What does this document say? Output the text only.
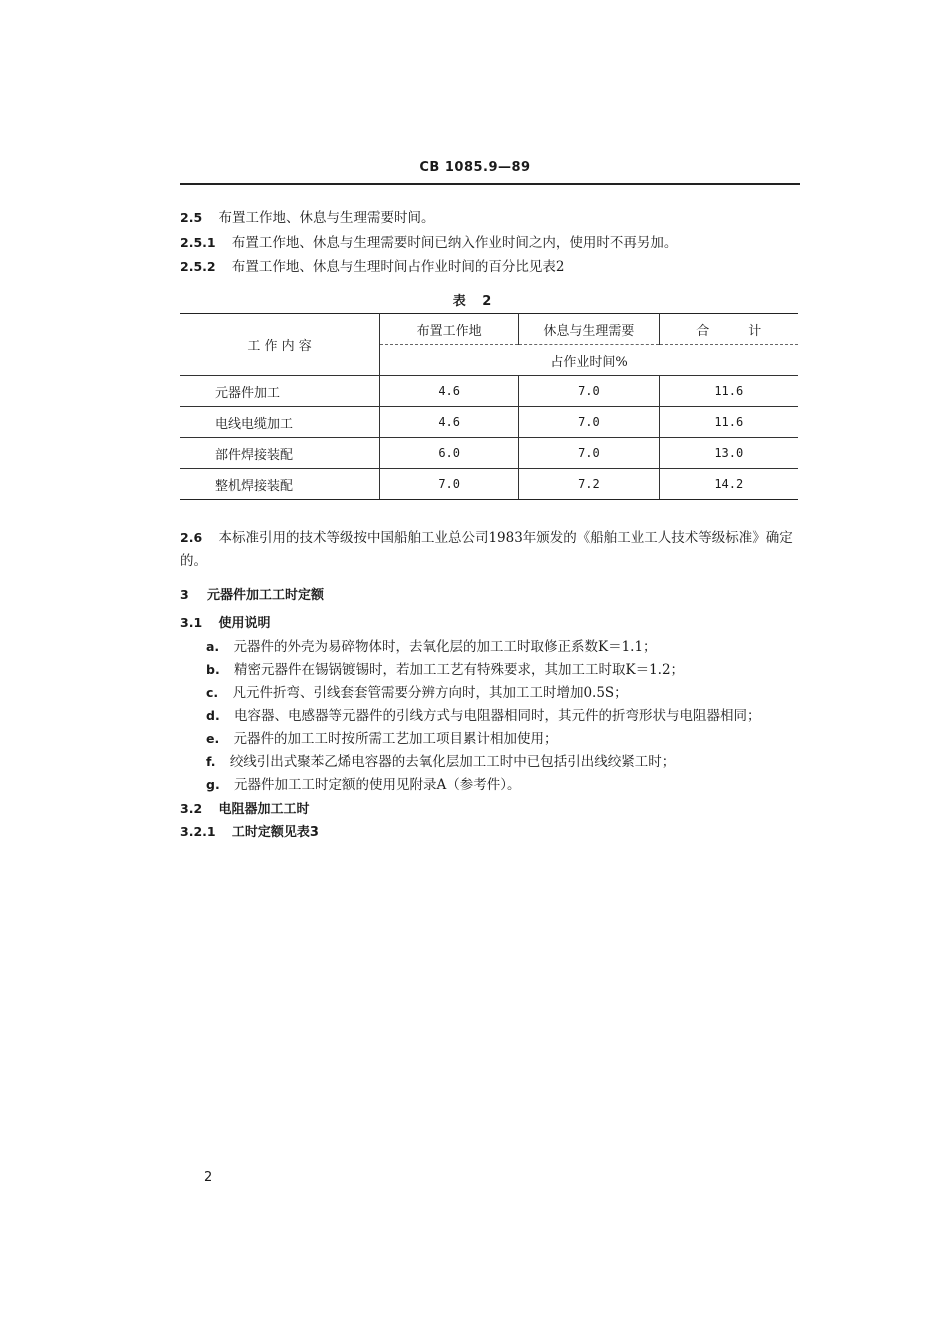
CB 1085.9—89
2.5 布置工作地、休息与生理需要时间。
2.5.1 布置工作地、休息与生理需要时间已纳入作业时间之内，使用时不再另加。
2.5.2 布置工作地、休息与生理时间占作业时间的百分比见表2
表 2
工 作 内 容	布置工作地	休息与生理需要	合　　　计
	占作业时间%		
元器件加工	4.6	7.0	11.6
电线电缆加工	4.6	7.0	11.6
部件焊接装配	6.0	7.0	13.0
整机焊接装配	7.0	7.2	14.2
2.6 本标准引用的技术等级按中国船舶工业总公司1983年颁发的《船舶工业工人技术等级标准》确定
的。
3 元器件加工工时定额
3.1 使用说明
a. 元器件的外壳为易碎物体时，去氧化层的加工工时取修正系数K＝1.1；
b. 精密元器件在锡锅镀锡时，若加工工艺有特殊要求，其加工工时取K＝1.2；
c. 凡元件折弯、引线套套管需要分辨方向时，其加工工时增加0.5S；
d. 电容器、电感器等元器件的引线方式与电阻器相同时，其元件的折弯形状与电阻器相同；
e. 元器件的加工工时按所需工艺加工项目累计相加使用；
f. 绞线引出式聚苯乙烯电容器的去氧化层加工工时中已包括引出线绞紧工时；
g. 元器件加工工时定额的使用见附录A（参考件）。
3.2 电阻器加工工时
3.2.1 工时定额见表3
2
